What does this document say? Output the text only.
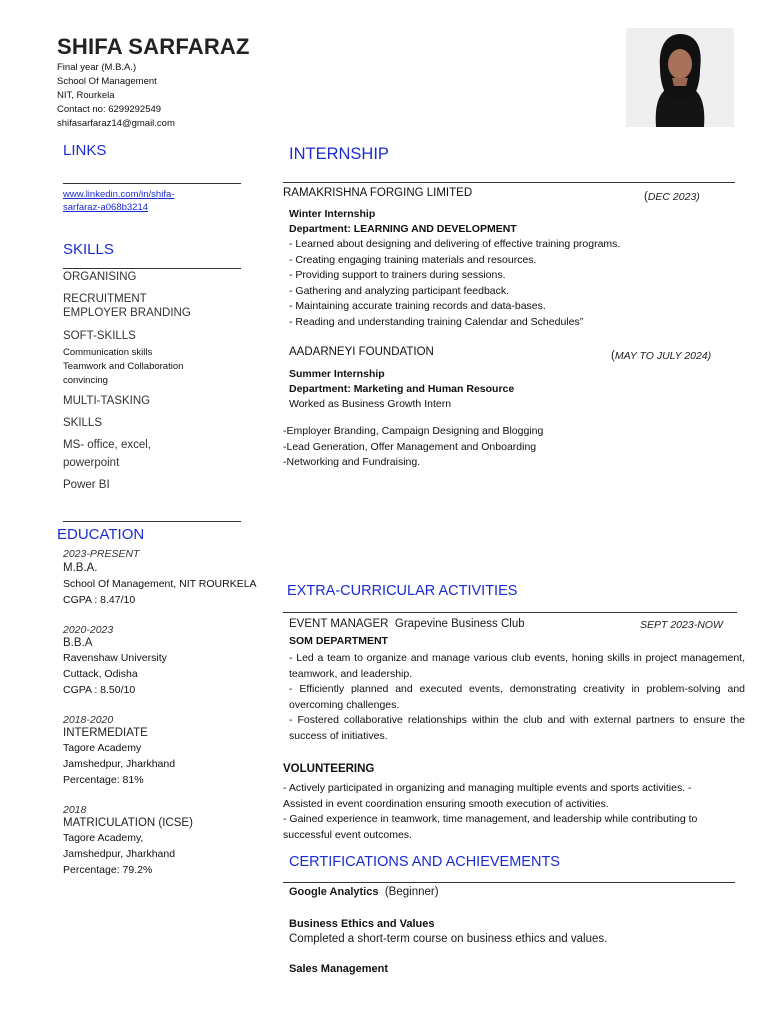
SHIFA SARFARAZ
Final year (M.B.A.)
School Of Management
NIT, Rourkela
Contact no: 6299292549
shifasarfaraz14@gmail.com
LINKS
www.linkedin.com/in/shifa-
sarfaraz-a068b3214
SKILLS
ORGANISING
RECRUITMENT
EMPLOYER BRANDING
SOFT-SKILLS
Communication skills
Teamwork and Collaboration
convincing
MULTI-TASKING
SKILLS
MS- office, excel,
powerpoint
Power BI
EDUCATION
2023-PRESENT
M.B.A.
School Of Management, NIT ROURKELA
CGPA : 8.47/10
2020-2023
B.B.A
Ravenshaw University
Cuttack, Odisha
CGPA : 8.50/10
2018-2020
INTERMEDIATE
Tagore Academy
Jamshedpur, Jharkhand
Percentage: 81%
2018
MATRICULATION (ICSE)
Tagore Academy,
Jamshedpur, Jharkhand
Percentage: 79.2%
INTERNSHIP
RAMAKRISHNA FORGING LIMITED	(DEC 2023)
Winter Internship
Department: LEARNING AND DEVELOPMENT
- Learned about designing and delivering of effective training programs.
- Creating engaging training materials and resources.
- Providing support to trainers during sessions.
- Gathering and analyzing participant feedback.
- Maintaining accurate training records and data-bases.
- Reading and understanding training Calendar and Schedules”
AADARNEYI FOUNDATION	(MAY TO JULY 2024)
Summer Internship
Department: Marketing and Human Resource
Worked as Business Growth Intern
-Employer Branding, Campaign Designing and Blogging
-Lead Generation, Offer Management and Onboarding
-Networking and Fundraising.
EXTRA-CURRICULAR ACTIVITIES
EVENT MANAGER Grapevine Business Club	SEPT 2023-NOW
SOM DEPARTMENT
- Led a team to organize and manage various club events, honing skills in project management, teamwork, and leadership.
- Efficiently planned and executed events, demonstrating creativity in problem-solving and overcoming challenges.
- Fostered collaborative relationships within the club and with external partners to ensure the success of initiatives.
VOLUNTEERING
- Actively participated in organizing and managing multiple events and sports activities. -
Assisted in event coordination ensuring smooth execution of activities.
- Gained experience in teamwork, time management, and leadership while contributing to
successful event outcomes.
CERTIFICATIONS AND ACHIEVEMENTS
Google Analytics (Beginner)
Business Ethics and Values
Completed a short-term course on business ethics and values.
Sales Management
